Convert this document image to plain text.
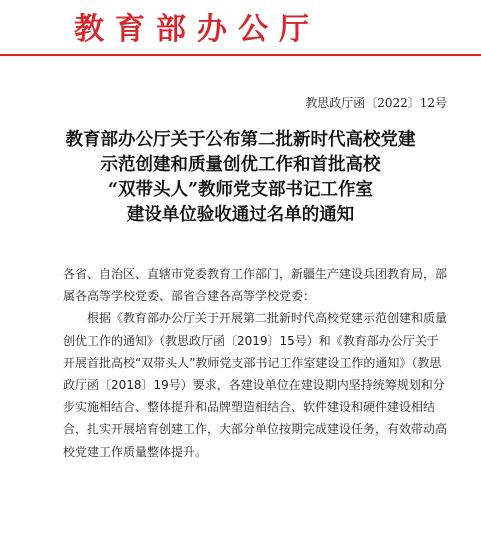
教育部办公厅
教思政厅函〔2022〕12号
教育部办公厅关于公布第二批新时代高校党建
示范创建和质量创优工作和首批高校
“双带头人”教师党支部书记工作室
建设单位验收通过名单的通知

各省、自治区、直辖市党委教育工作部门，新疆生产建设兵团教育局，部属各高等学校党委、部省合建各高等学校党委：

根据《教育部办公厅关于开展第二批新时代高校党建示范创建和质量创优工作的通知》（教思政厅函〔2019〕15号）和《教育部办公厅关于开展首批高校“双带头人”教师党支部书记工作室建设工作的通知》（教思政厅函〔2018〕19号）要求，各建设单位在建设期内坚持统筹规划和分步实施相结合、整体提升和品牌塑造相结合、软件建设和硬件建设相结合，扎实开展培育创建工作，大部分单位按期完成建设任务，有效带动高校党建工作质量整体提升。
